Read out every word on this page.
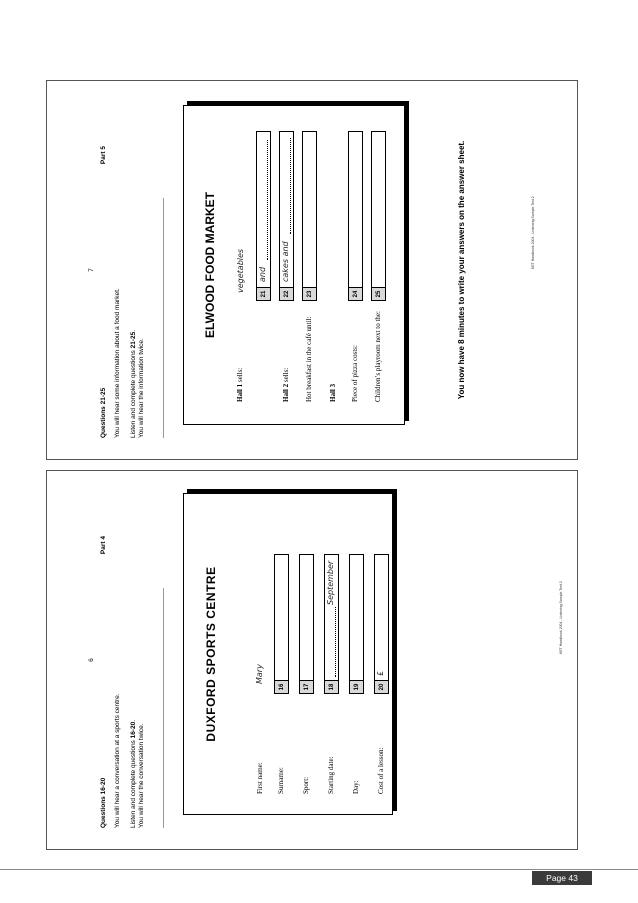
6
Part 4
Questions 16-20 You will hear a conversation at a sports centre. Listen and complete questions 16-20.
You will hear the conversation twice.
DUXFORD SPORTS CENTRE
First name:
Mary
Surname:
16
Sport:
17
Starting date:
18
September
Day:
19
Cost of a lesson:
20
£
KET Handbook 2004 - Listening Sample Test 2
7
Part 5
Questions 21-25 You will hear some information about a food market. Listen and complete questions 21-25.
You will hear the information twice.
ELWOOD FOOD MARKET
Hall 1 sells:
vegetables
21
and
Hall 2 sells:
22
cakes and
Hot breakfast in the café until:
23
Hall 3 Piece of pizza costs:
24
Children’s playroom next to the:
25	You now have 8 minutes to write your answers on the answer sheet.	KET Handbook 2004 - Listening Sample Test 2
Page 43
